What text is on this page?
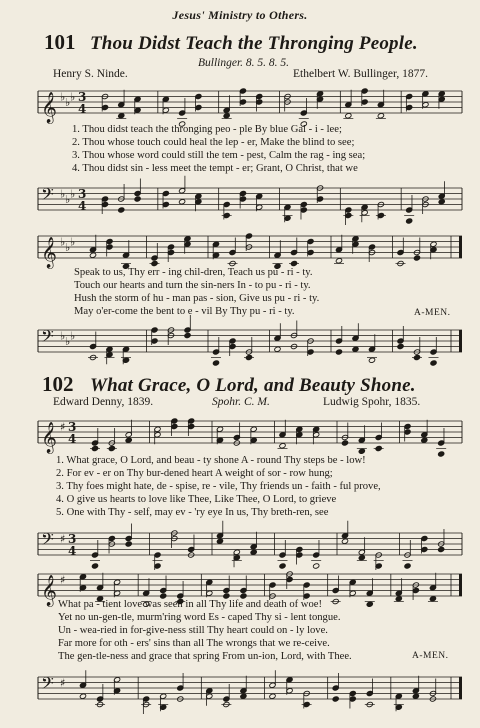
Jesus' Ministry to Others.
101 Thou Didst Teach the Thronging People.
Bullinger. 8. 5. 8. 5.
Henry S. Ninde.	Ethelbert W. Bullinger, 1877.
𝄞 ♭ ♭ ♭ 3
4
1. Thou didst teach the thronging peo - ple By blue Gal - i - lee;
2. Thou whose touch could heal the lep - er, Make the blind to see;
3. Thou whose word could still the tem - pest, Calm the rag - ing sea;
4. Thou didst sin - less meet the tempt - er; Grant, O Christ, that we
𝄢 ♭ ♭ ♭ 3
4
𝄞 ♭ ♭ ♭
Speak to us, Thy err - ing chil-dren, Teach us pu - ri - ty.
Touch our hearts and turn the sin-ners In - to pu - ri - ty.
Hush the storm of hu - man pas - sion, Give us pu - ri - ty.
May o'er-come the bent to e - vil By Thy pu - ri - ty.	A-MEN.
𝄢 ♭ ♭ ♭
102 What Grace, O Lord, and Beauty Shone.
Edward Denny, 1839.	Spohr. C. M.	Ludwig Spohr, 1835.
𝄞 ♯ 3
4
1. What grace, O Lord, and beau - ty shone A - round Thy steps be - low!
2. For ev - er on Thy bur-dened heart A weight of sor - row hung;
3. Thy foes might hate, de - spise, re - vile, Thy friends un - faith - ful prove,
4. O give us hearts to love like Thee, Like Thee, O Lord, to grieve
5. One with Thy - self, may ev - 'ry eye In us, Thy breth-ren, see
𝄢 ♯ 3
4
𝄞 ♯
What pa - tient love was seen in all Thy life and death of woe!
Yet no un-gen-tle, murm'ring word Es - caped Thy si - lent tongue.
Un - wea-ried in for-give-ness still Thy heart could on - ly love.
Far more for oth - ers' sins than all The wrongs that we re-ceive.
The gen-tle-ness and grace that spring From un-ion, Lord, with Thee.	A-MEN.
𝄢 ♯
